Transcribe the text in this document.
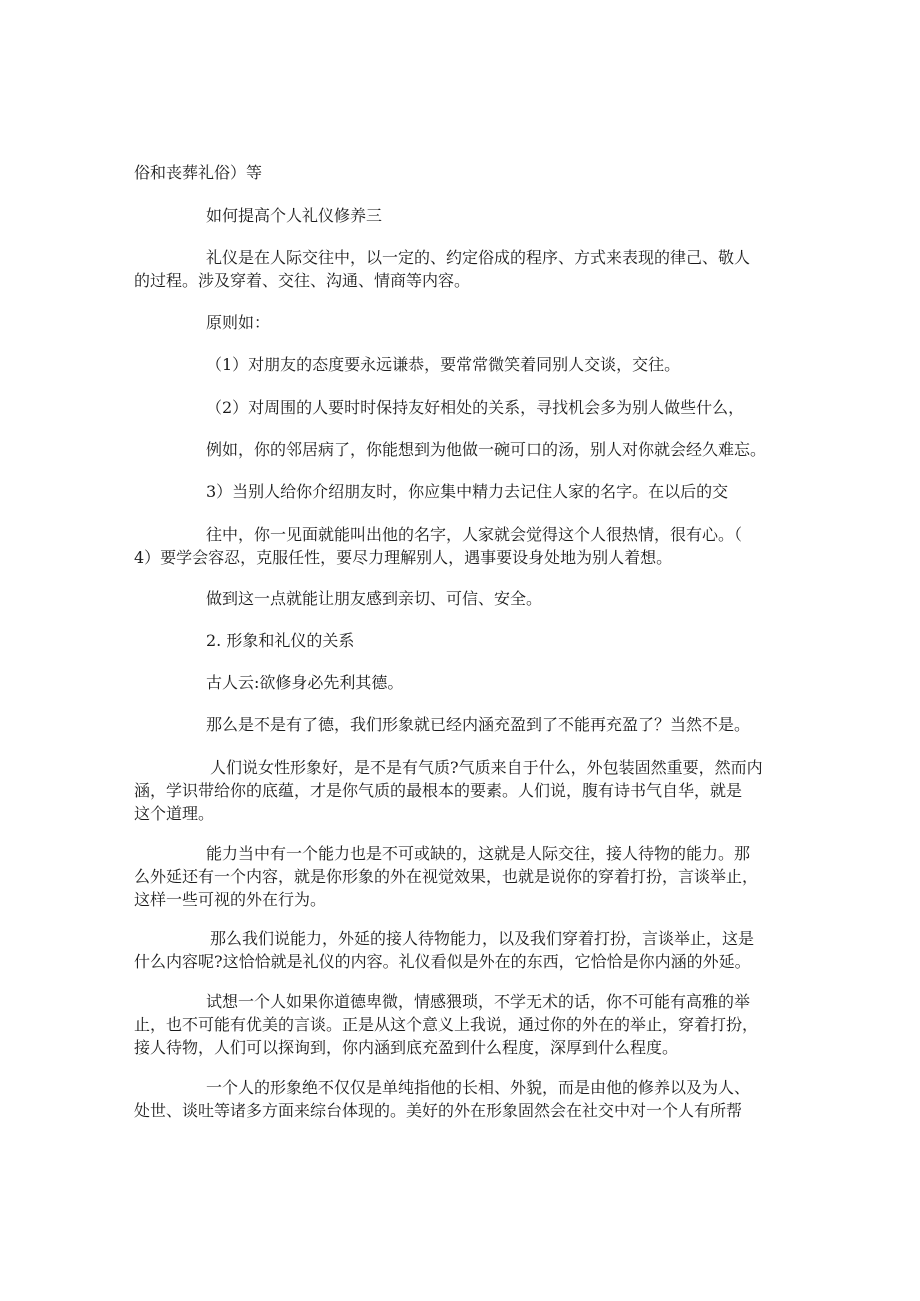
俗和丧葬礼俗）等
如何提高个人礼仪修养三
礼仪是在人际交往中，以一定的、约定俗成的程序、方式来表现的律己、敬人
的过程。涉及穿着、交往、沟通、情商等内容。
原则如：
（1）对朋友的态度要永远谦恭，要常常微笑着同别人交谈，交往。
（2）对周围的人要时时保持友好相处的关系，寻找机会多为别人做些什么，
例如，你的邻居病了，你能想到为他做一碗可口的汤，别人对你就会经久难忘。
3）当别人给你介绍朋友时，你应集中精力去记住人家的名字。在以后的交
往中，你一见面就能叫出他的名字，人家就会觉得这个人很热情，很有心。（
4）要学会容忍，克服任性，要尽力理解别人，遇事要设身处地为别人着想。
做到这一点就能让朋友感到亲切、可信、安全。
2. 形象和礼仪的关系
古人云:欲修身必先利其德。
那么是不是有了德，我们形象就已经内涵充盈到了不能再充盈了？当然不是。
人们说女性形象好，是不是有气质?气质来自于什么，外包装固然重要，然而内
涵，学识带给你的底蕴，才是你气质的最根本的要素。人们说，腹有诗书气自华，就是
这个道理。
能力当中有一个能力也是不可或缺的，这就是人际交往，接人待物的能力。那
么外延还有一个内容，就是你形象的外在视觉效果，也就是说你的穿着打扮，言谈举止，
这样一些可视的外在行为。
那么我们说能力，外延的接人待物能力，以及我们穿着打扮，言谈举止，这是
什么内容呢?这恰恰就是礼仪的内容。礼仪看似是外在的东西，它恰恰是你内涵的外延。
试想一个人如果你道德卑微，情感猥琐，不学无术的话，你不可能有高雅的举
止，也不可能有优美的言谈。正是从这个意义上我说，通过你的外在的举止，穿着打扮，
接人待物，人们可以探询到，你内涵到底充盈到什么程度，深厚到什么程度。
一个人的形象绝不仅仅是单纯指他的长相、外貌，而是由他的修养以及为人、
处世、谈吐等诸多方面来综台体现的。美好的外在形象固然会在社交中对一个人有所帮
